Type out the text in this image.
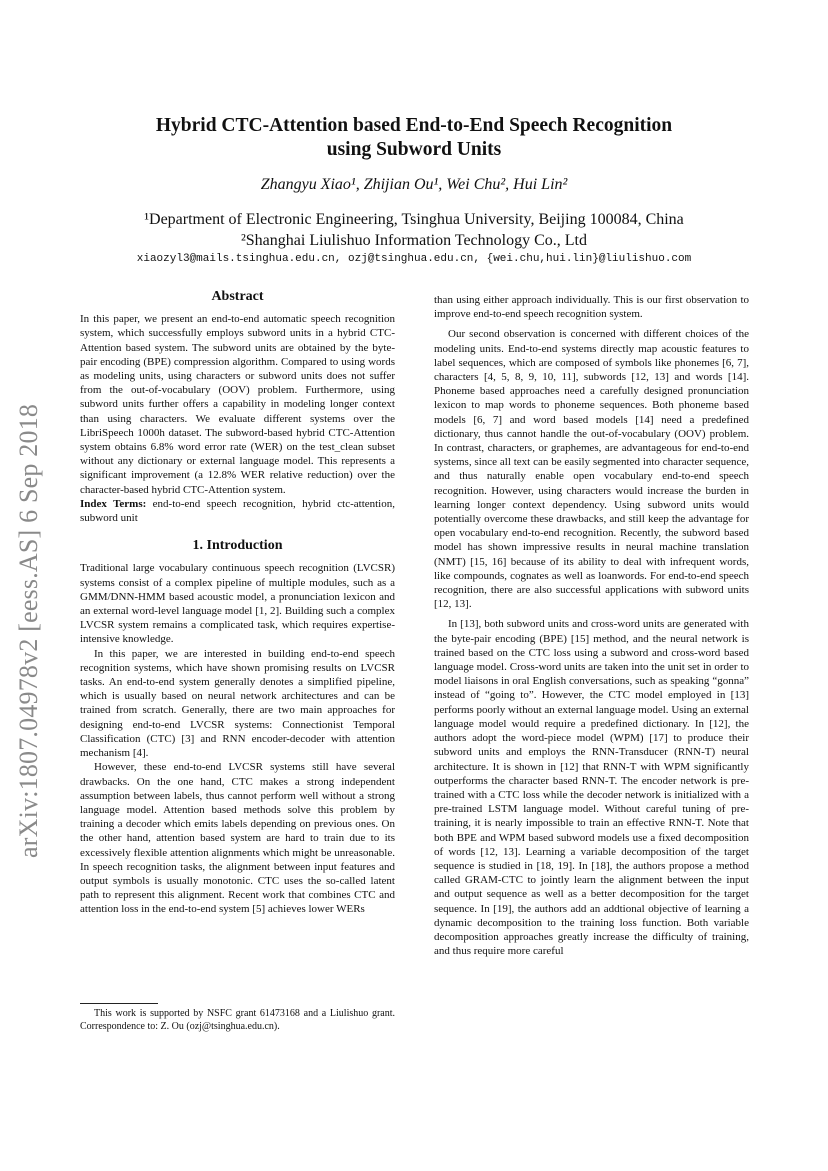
arXiv:1807.04978v2 [eess.AS] 6 Sep 2018
Hybrid CTC-Attention based End-to-End Speech Recognition
using Subword Units
Zhangyu Xiao¹, Zhijian Ou¹, Wei Chu², Hui Lin²
¹Department of Electronic Engineering, Tsinghua University, Beijing 100084, China
²Shanghai Liulishuo Information Technology Co., Ltd
xiaozyl3@mails.tsinghua.edu.cn, ozj@tsinghua.edu.cn, {wei.chu,hui.lin}@liulishuo.com

Abstract

In this paper, we present an end-to-end automatic speech recognition system, which successfully employs subword units in a hybrid CTC-Attention based system. The subword units are obtained by the byte-pair encoding (BPE) compression algorithm. Compared to using words as modeling units, using characters or subword units does not suffer from the out-of-vocabulary (OOV) problem. Furthermore, using subword units further offers a capability in modeling longer context than using characters. We evaluate different systems over the LibriSpeech 1000h dataset. The subword-based hybrid CTC-Attention system obtains 6.8% word error rate (WER) on the test_clean subset without any dictionary or external language model. This represents a significant improvement (a 12.8% WER relative reduction) over the character-based hybrid CTC-Attention system.

Index Terms: end-to-end speech recognition, hybrid ctc-attention, subword unit

1. Introduction

Traditional large vocabulary continuous speech recognition (LVCSR) systems consist of a complex pipeline of multiple modules, such as a GMM/DNN-HMM based acoustic model, a pronunciation lexicon and an external word-level language model [1, 2]. Building such a complex LVCSR system remains a complicated task, which requires expertise-intensive knowledge.

In this paper, we are interested in building end-to-end speech recognition systems, which have shown promising results on LVCSR tasks. An end-to-end system generally denotes a simplified pipeline, which is usually based on neural network architectures and can be trained from scratch. Generally, there are two main approaches for designing end-to-end LVCSR systems: Connectionist Temporal Classification (CTC) [3] and RNN encoder-decoder with attention mechanism [4].

However, these end-to-end LVCSR systems still have several drawbacks. On the one hand, CTC makes a strong independent assumption between labels, thus cannot perform well without a strong language model. Attention based methods solve this problem by training a decoder which emits labels depending on previous ones. On the other hand, attention based system are hard to train due to its excessively flexible attention alignments which might be unreasonable. In speech recognition tasks, the alignment between input features and output symbols is usually monotonic. CTC uses the so-called latent path to represent this alignment. Recent work that combines CTC and attention loss in the end-to-end system [5] achieves lower WERs

This work is supported by NSFC grant 61473168 and a Liulishuo grant. Correspondence to: Z. Ou (ozj@tsinghua.edu.cn).

than using either approach individually. This is our first observation to improve end-to-end speech recognition system.

Our second observation is concerned with different choices of the modeling units. End-to-end systems directly map acoustic features to label sequences, which are composed of symbols like phonemes [6, 7], characters [4, 5, 8, 9, 10, 11], subwords [12, 13] and words [14]. Phoneme based approaches need a carefully designed pronunciation lexicon to map words to phoneme sequences. Both phoneme based models [6, 7] and word based models [14] need a predefined dictionary, thus cannot handle the out-of-vocabulary (OOV) problem. In contrast, characters, or graphemes, are advantageous for end-to-end systems, since all text can be easily segmented into character sequence, and thus naturally enable open vocabulary end-to-end speech recognition. However, using characters would increase the burden in learning longer context dependency. Using subword units would potentially overcome these drawbacks, and still keep the advantage for open vocabulary end-to-end recognition. Recently, the subword based model has shown impressive results in neural machine translation (NMT) [15, 16] because of its ability to deal with infrequent words, like compounds, cognates as well as loanwords. For end-to-end speech recognition, there are also successful applications with subword units [12, 13].

In [13], both subword units and cross-word units are generated with the byte-pair encoding (BPE) [15] method, and the neural network is trained based on the CTC loss using a subword and cross-word based language model. Cross-word units are taken into the unit set in order to model liaisons in oral English conversations, such as speaking “gonna” instead of “going to”. However, the CTC model employed in [13] performs poorly without an external language model. Using an external language model would require a predefined dictionary. In [12], the authors adopt the word-piece model (WPM) [17] to produce their subword units and employs the RNN-Transducer (RNN-T) neural architecture. It is shown in [12] that RNN-T with WPM significantly outperforms the character based RNN-T. The encoder network is pre-trained with a CTC loss while the decoder network is initialized with a pre-trained LSTM language model. Without careful tuning of pre-training, it is nearly impossible to train an effective RNN-T. Note that both BPE and WPM based subword models use a fixed decomposition of words [12, 13]. Learning a variable decomposition of the target sequence is studied in [18, 19]. In [18], the authors propose a method called GRAM-CTC to jointly learn the alignment between the input and output sequence as well as a better decomposition for the target sequence. In [19], the authors add an addtional objective of learning a dynamic decomposition to the training loss function. Both variable decomposition approaches greatly increase the difficulty of training, and thus require more careful
